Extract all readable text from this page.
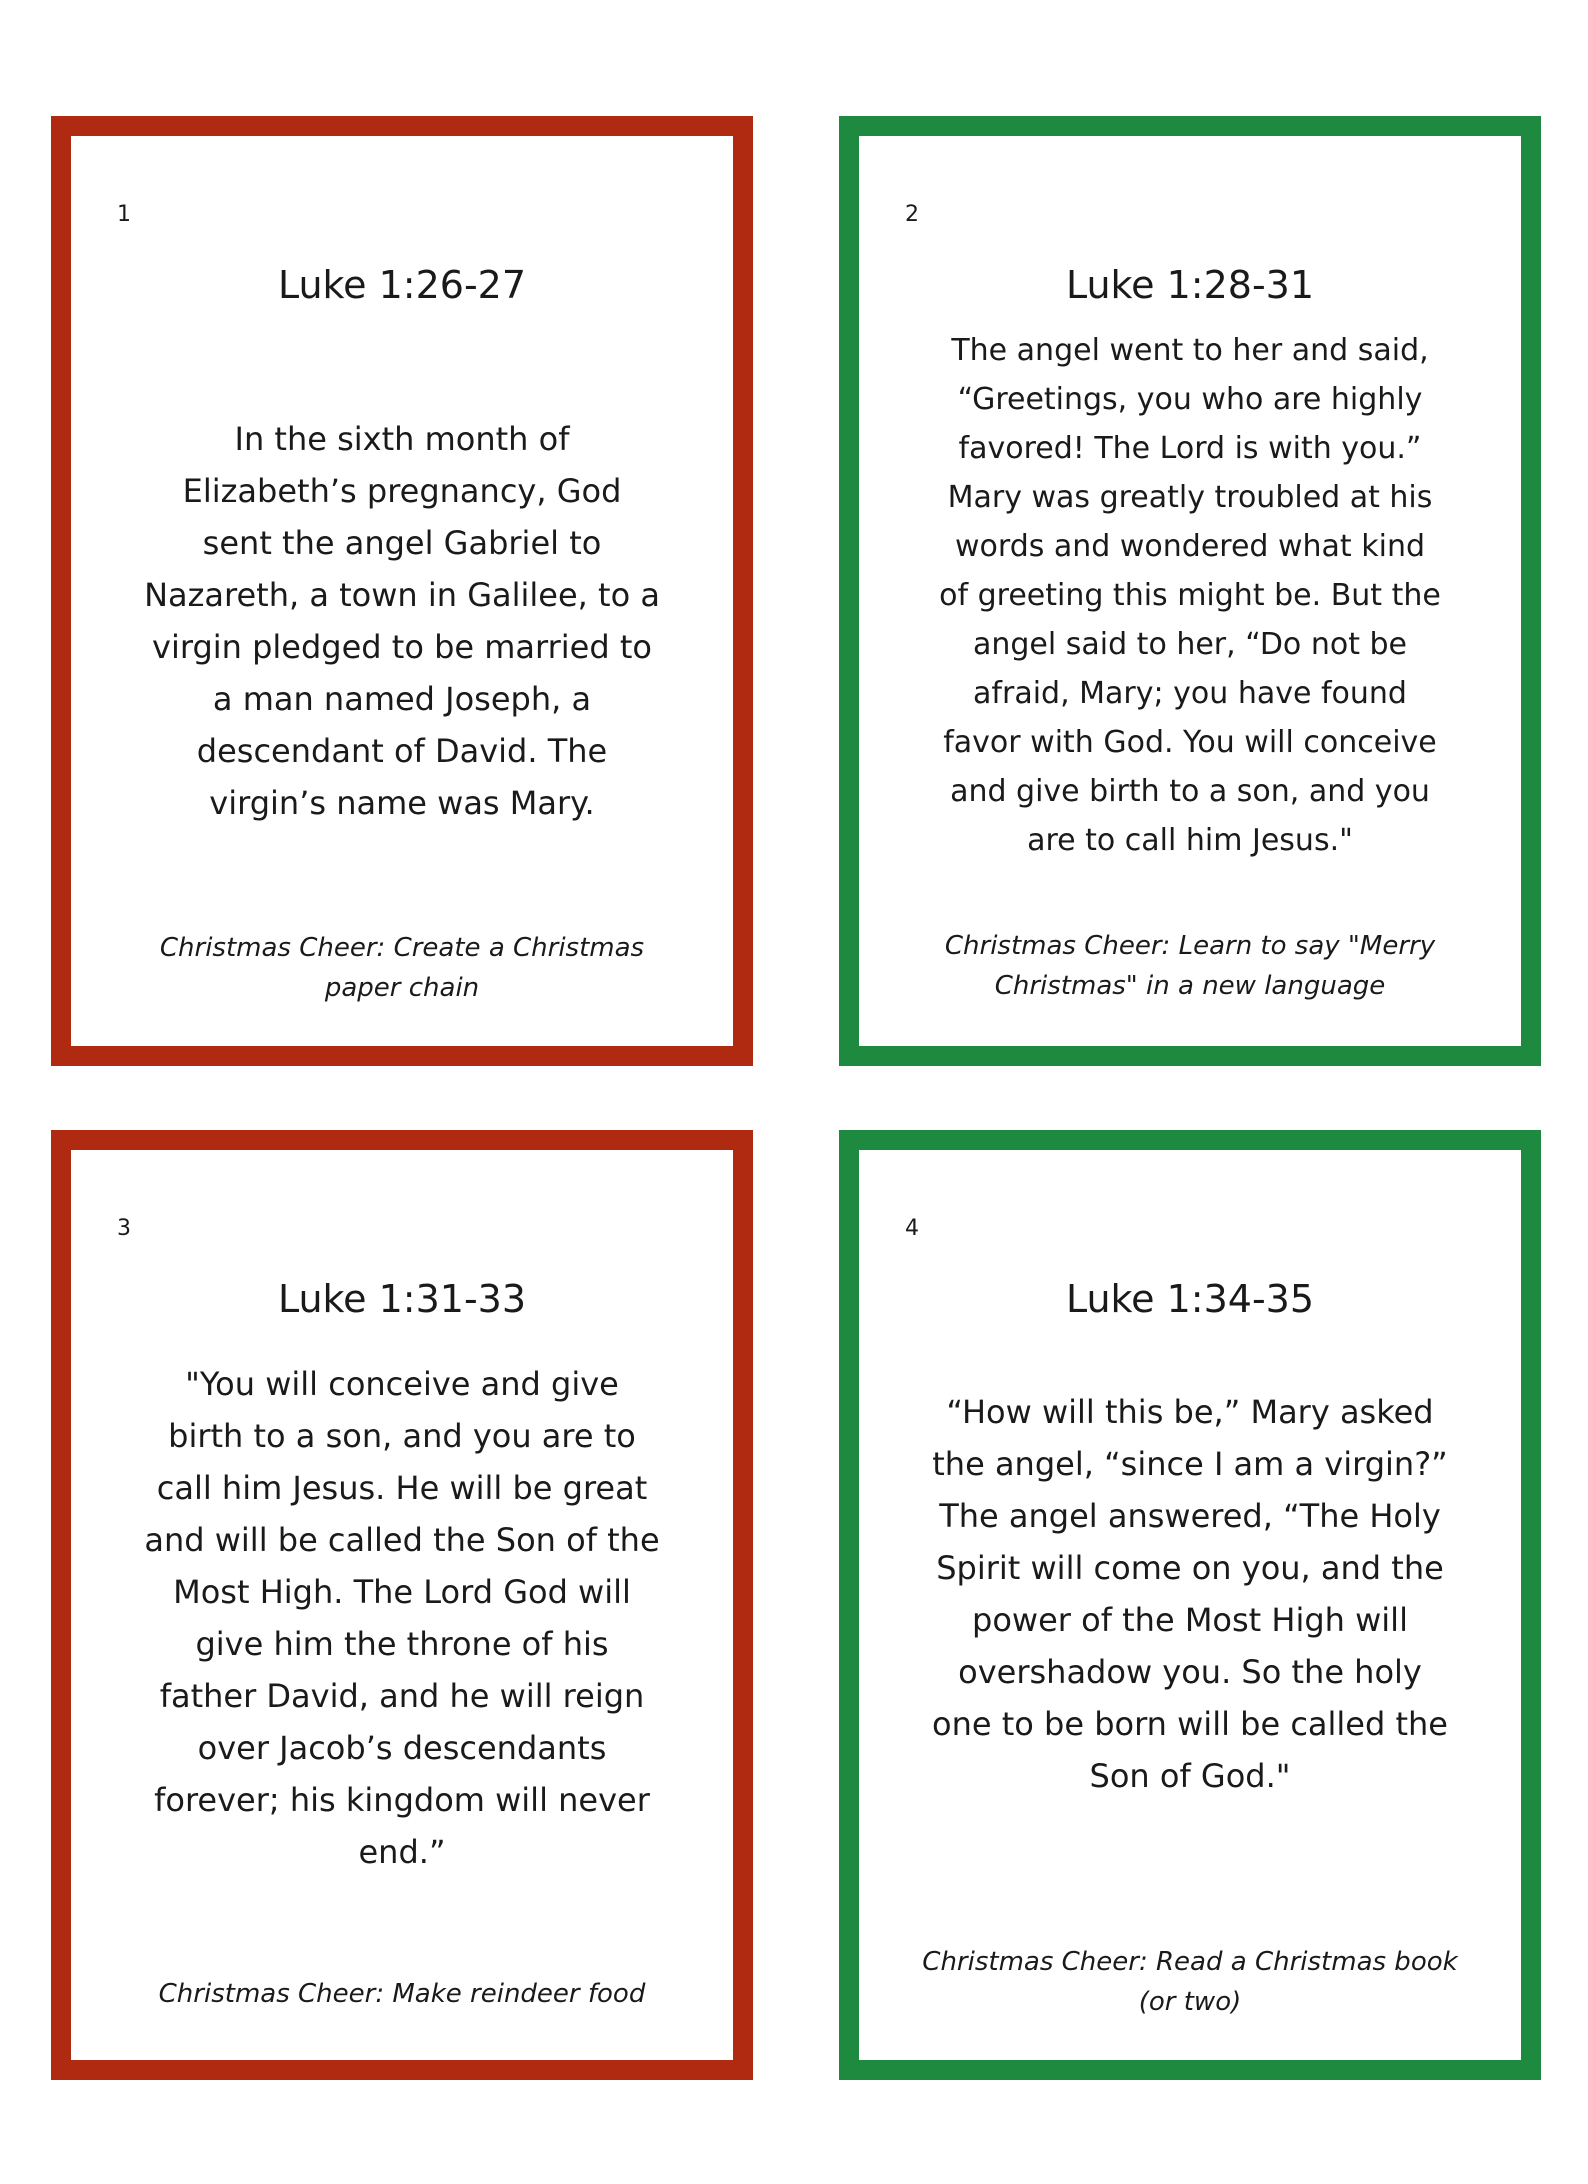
1
Luke 1:26-27
In the sixth month of Elizabeth’s pregnancy, God sent the angel Gabriel to Nazareth, a town in Galilee, to a virgin pledged to be married to a man named Joseph, a descendant of David. The virgin’s name was Mary.
Christmas Cheer: Create a Christmas paper chain
2
Luke 1:28-31
The angel went to her and said, “Greetings, you who are highly favored! The Lord is with you.” Mary was greatly troubled at his words and wondered what kind of greeting this might be. But the angel said to her, “Do not be afraid, Mary; you have found favor with God. You will conceive and give birth to a son, and you are to call him Jesus."
Christmas Cheer: Learn to say "Merry Christmas" in a new language
3
Luke 1:31-33
"You will conceive and give birth to a son, and you are to call him Jesus. He will be great and will be called the Son of the Most High. The Lord God will give him the throne of his father David, and he will reign over Jacob’s descendants forever; his kingdom will never end.”
Christmas Cheer: Make reindeer food
4
Luke 1:34-35
“How will this be,” Mary asked the angel, “since I am a virgin?” The angel answered, “The Holy Spirit will come on you, and the power of the Most High will overshadow you. So the holy one to be born will be called the Son of God."
Christmas Cheer: Read a Christmas book (or two)
